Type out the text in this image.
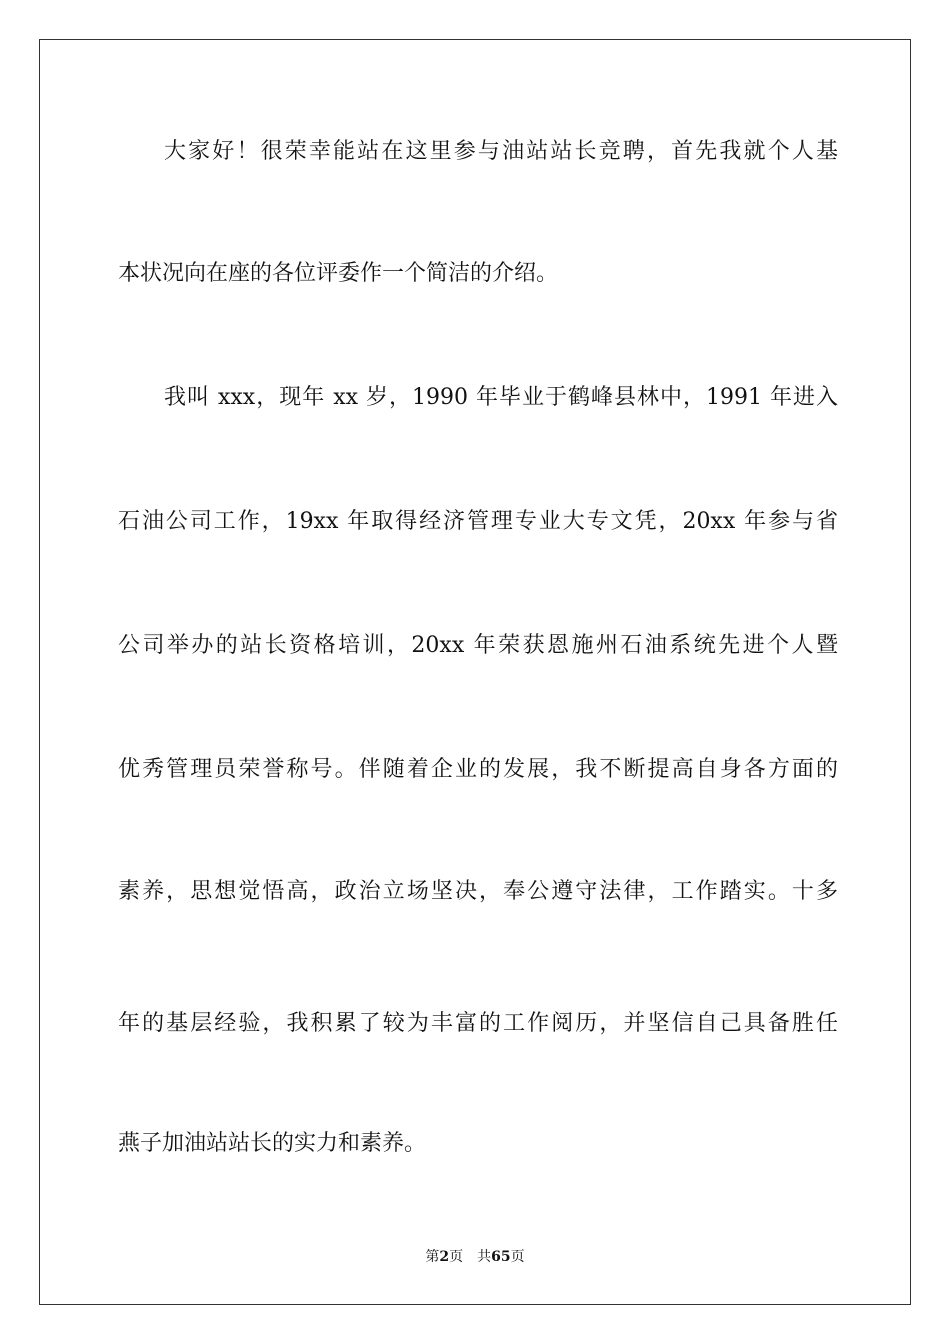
大家好！很荣幸能站在这里参与油站站长竞聘，首先我就个人基
本状况向在座的各位评委作一个简洁的介绍。
我叫 xxx，现年 xx 岁，1990 年毕业于鹤峰县林中，1991 年进入
石油公司工作，19xx 年取得经济管理专业大专文凭，20xx 年参与省
公司举办的站长资格培训，20xx 年荣获恩施州石油系统先进个人暨
优秀管理员荣誉称号。伴随着企业的发展，我不断提高自身各方面的
素养，思想觉悟高，政治立场坚决，奉公遵守法律，工作踏实。十多
年的基层经验，我积累了较为丰富的工作阅历，并坚信自己具备胜任
燕子加油站站长的实力和素养。
第2页 共65页
